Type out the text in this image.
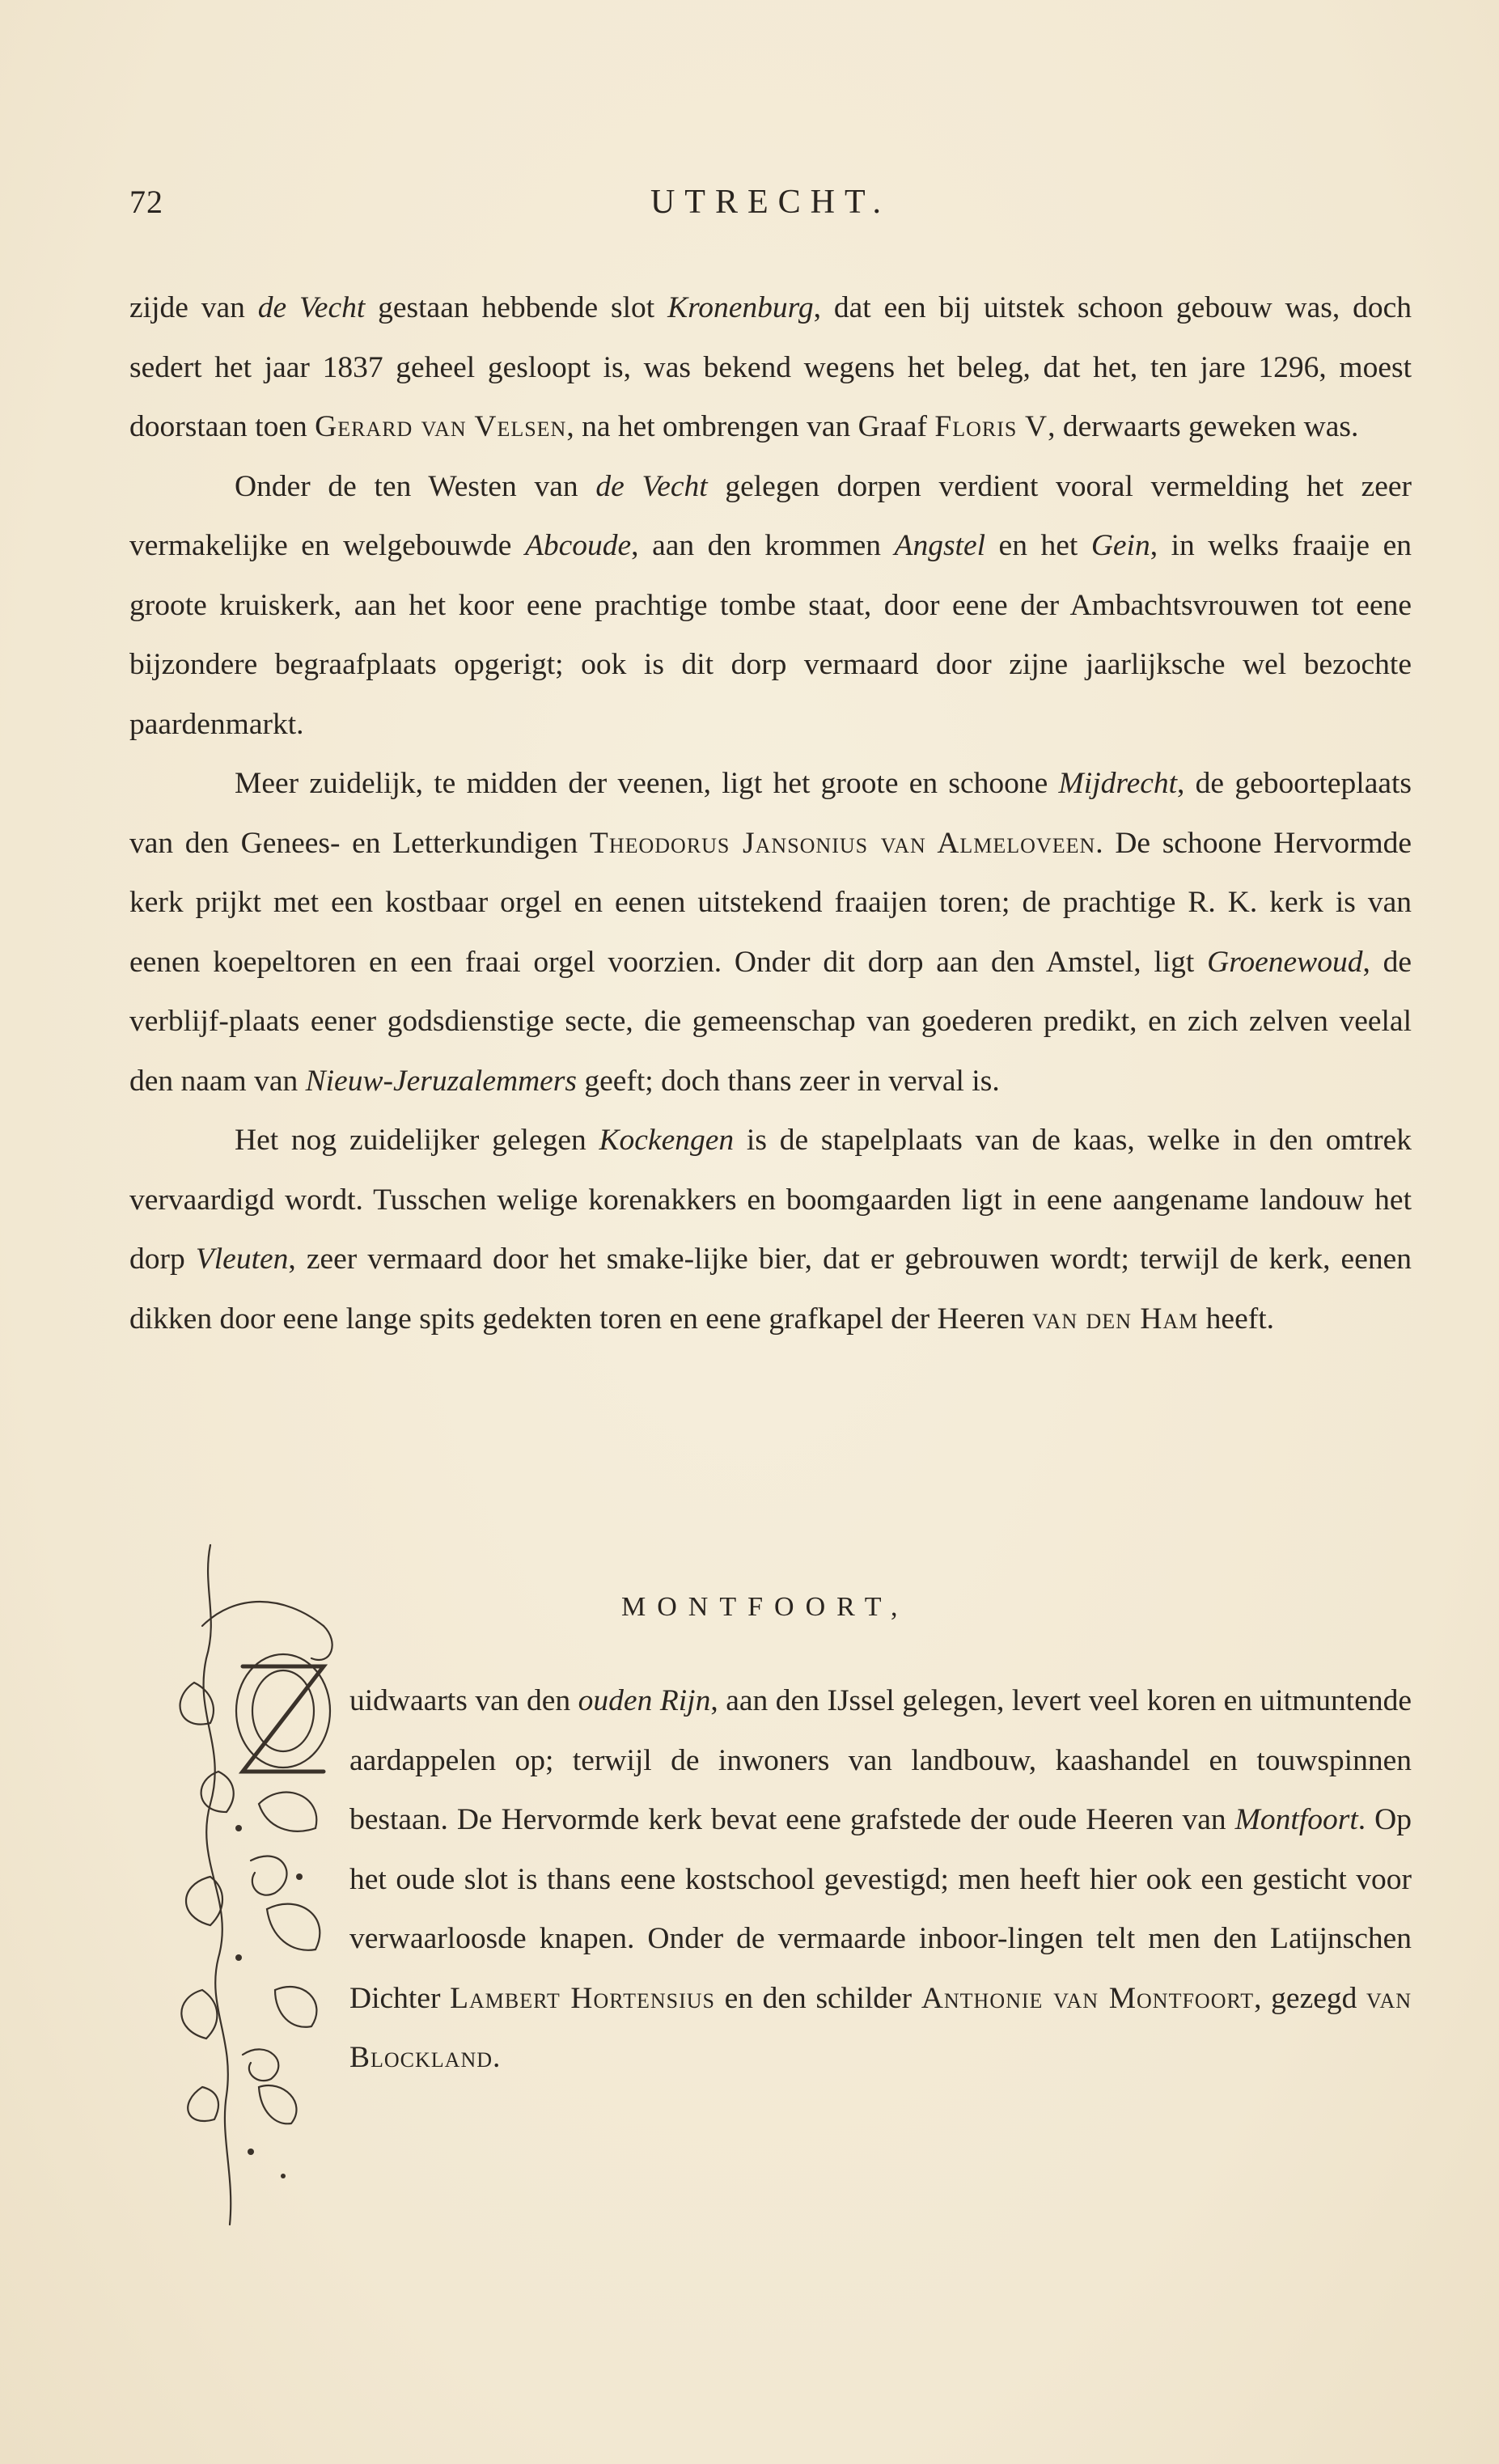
72	UTRECHT.

zijde van de Vecht gestaan hebbende slot Kronenburg, dat een bij uitstek schoon gebouw was, doch sedert het jaar 1837 geheel gesloopt is, was bekend wegens het beleg, dat het, ten jare 1296, moest doorstaan toen Gerard van Velsen, na het ombrengen van Graaf Floris V, derwaarts geweken was.

Onder de ten Westen van de Vecht gelegen dorpen verdient vooral vermelding het zeer vermakelijke en welgebouwde Abcoude, aan den krommen Angstel en het Gein, in welks fraaije en groote kruiskerk, aan het koor eene prachtige tombe staat, door eene der Ambachtsvrouwen tot eene bijzondere begraafplaats opgerigt; ook is dit dorp vermaard door zijne jaarlijksche wel bezochte paardenmarkt.

Meer zuidelijk, te midden der veenen, ligt het groote en schoone Mijdrecht, de geboorteplaats van den Genees- en Letterkundigen Theodorus Jansonius van Almeloveen. De schoone Hervormde kerk prijkt met een kostbaar orgel en eenen uitstekend fraaijen toren; de prachtige R. K. kerk is van eenen koepeltoren en een fraai orgel voorzien. Onder dit dorp aan den Amstel, ligt Groenewoud, de verblijf-plaats eener godsdienstige secte, die gemeenschap van goederen predikt, en zich zelven veelal den naam van Nieuw-Jeruzalemmers geeft; doch thans zeer in verval is.

Het nog zuidelijker gelegen Kockengen is de stapelplaats van de kaas, welke in den omtrek vervaardigd wordt. Tusschen welige korenakkers en boomgaarden ligt in eene aangename landouw het dorp Vleuten, zeer vermaard door het smake-lijke bier, dat er gebrouwen wordt; terwijl de kerk, eenen dikken door eene lange spits gedekten toren en eene grafkapel der Heeren van den Ham heeft.

MONTFOORT,

uidwaarts van den ouden Rijn, aan den IJssel gelegen, levert veel koren en uitmuntende aardappelen op; terwijl de inwoners van landbouw, kaashandel en touwspinnen bestaan. De Hervormde kerk bevat eene grafstede der oude Heeren van Montfoort. Op het oude slot is thans eene kostschool gevestigd; men heeft hier ook een gesticht voor verwaarloosde knapen. Onder de vermaarde inboor-lingen telt men den Latijnschen Dichter Lambert Hortensius en den schilder Anthonie van Montfoort, gezegd van Blockland.
